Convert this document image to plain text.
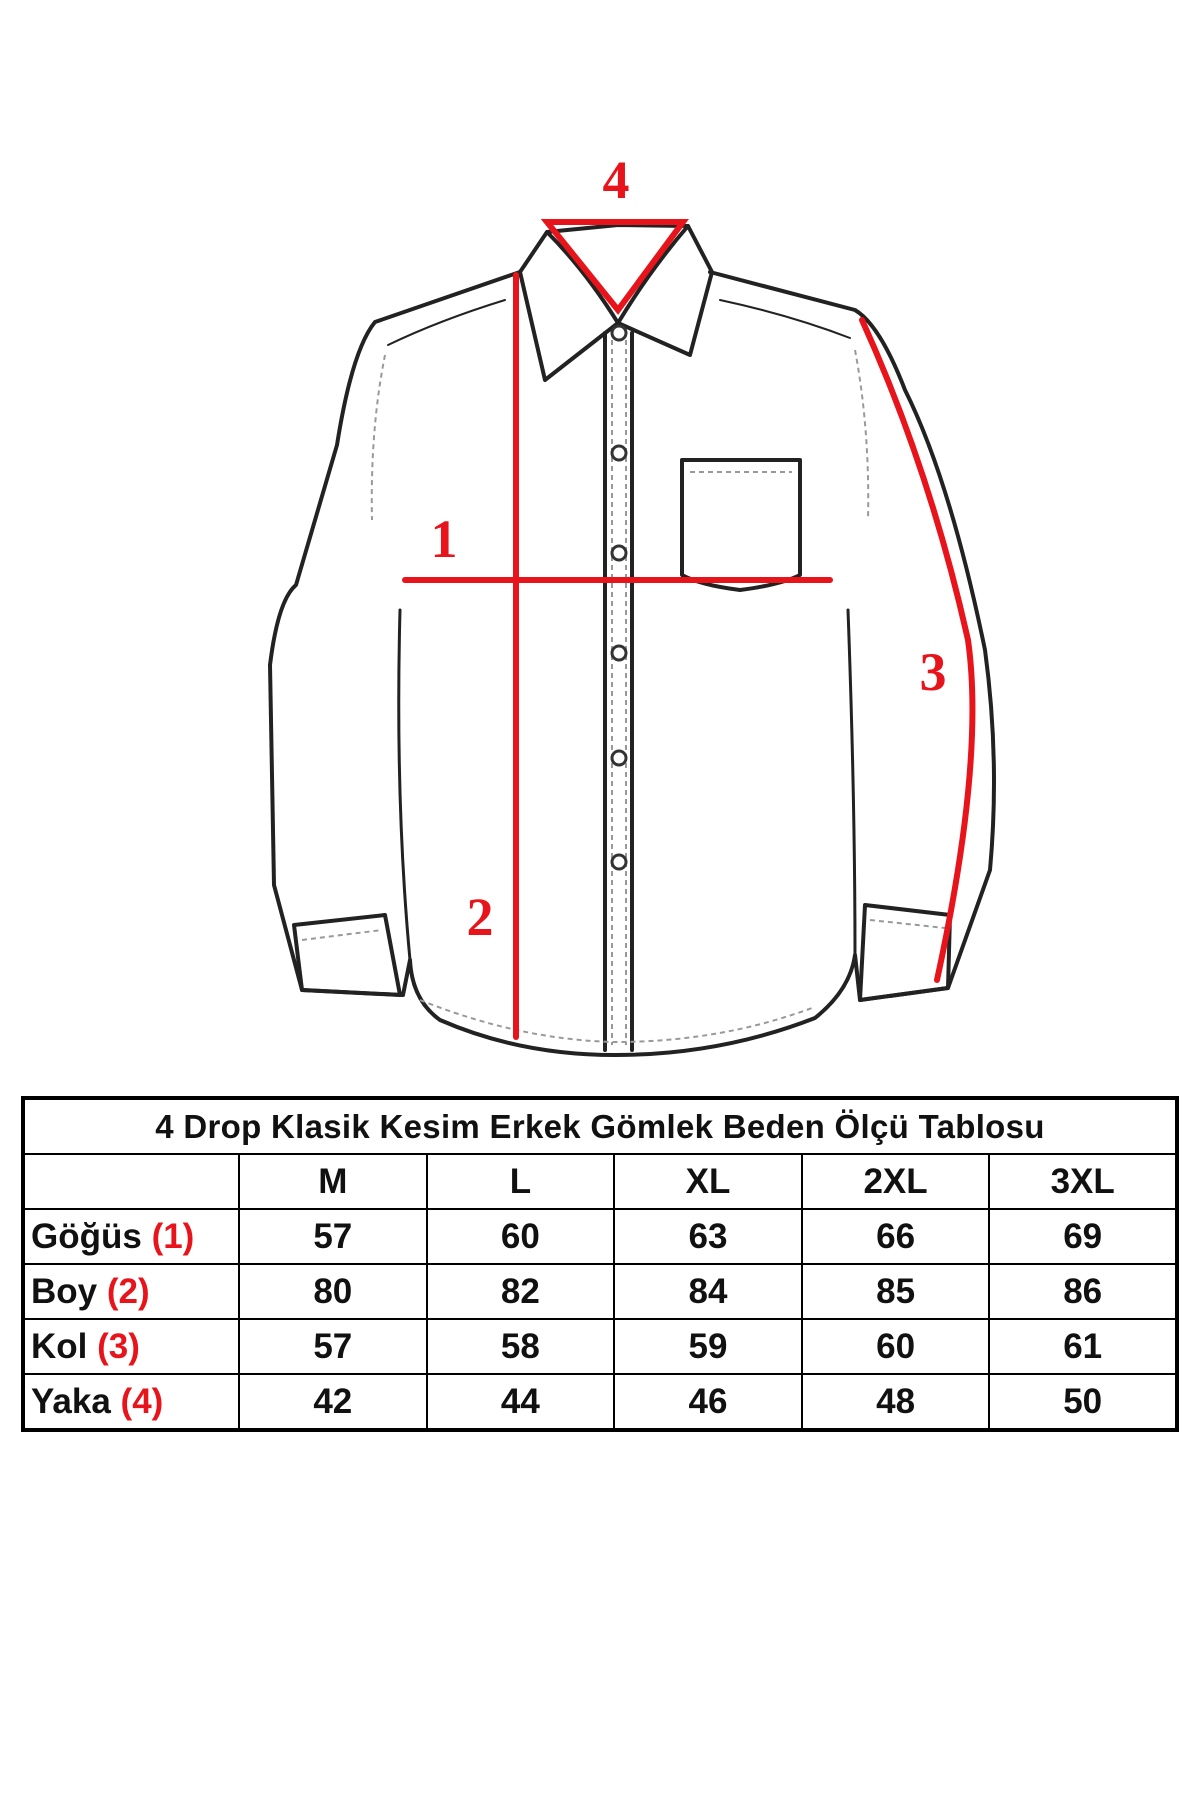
4
1
3
2
4 Drop Klasik Kesim Erkek Gömlek Beden Ölçü Tablosu					
	M	L	XL	2XL	3XL
Göğüs (1)	57	60	63	66	69
Boy (2)	80	82	84	85	86
Kol (3)	57	58	59	60	61
Yaka (4)	42	44	46	48	50
